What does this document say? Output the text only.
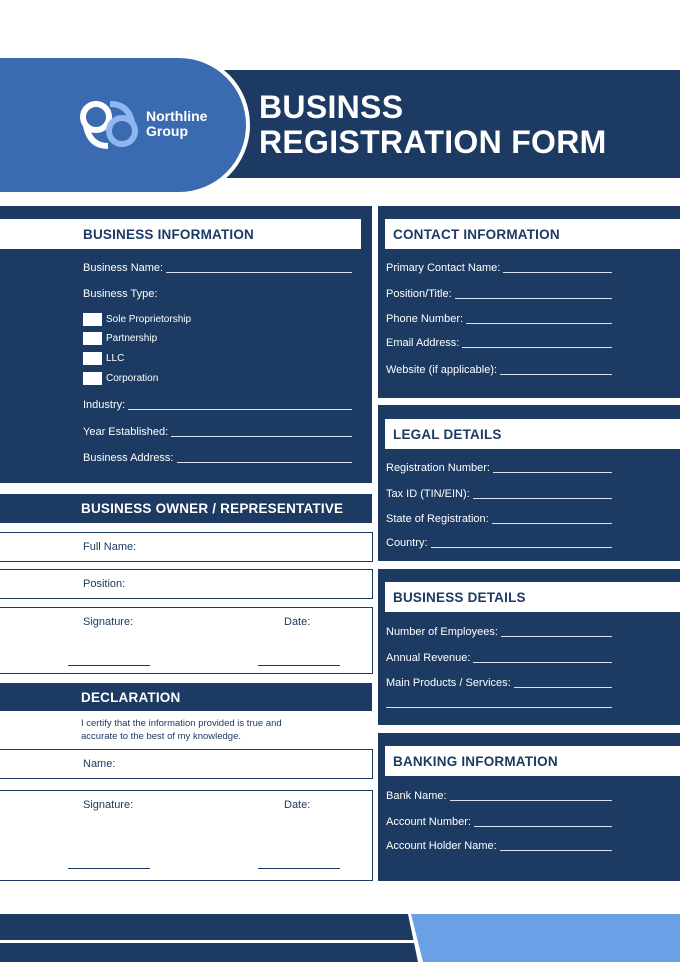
Northline
Group
BUSINSS
REGISTRATION FORM
BUSINESS INFORMATION
Business Name:
Business Type:
Sole Proprietorship
Partnership
LLC
Corporation
Industry:
Year Established:
Business Address:
BUSINESS OWNER / REPRESENTATIVE
Full Name:
Position:
Signature:	Date:
DECLARATION
I certify that the information provided is true and
accurate to the best of my knowledge.
Name:
Signature:	Date:
CONTACT INFORMATION
Primary Contact Name:
Position/Title:
Phone Number:
Email Address:
Website (if applicable):
LEGAL DETAILS
Registration Number:
Tax ID (TIN/EIN):
State of Registration:
Country:
BUSINESS DETAILS
Number of Employees:
Annual Revenue:
Main Products / Services:
BANKING INFORMATION
Bank Name:
Account Number:
Account Holder Name:
